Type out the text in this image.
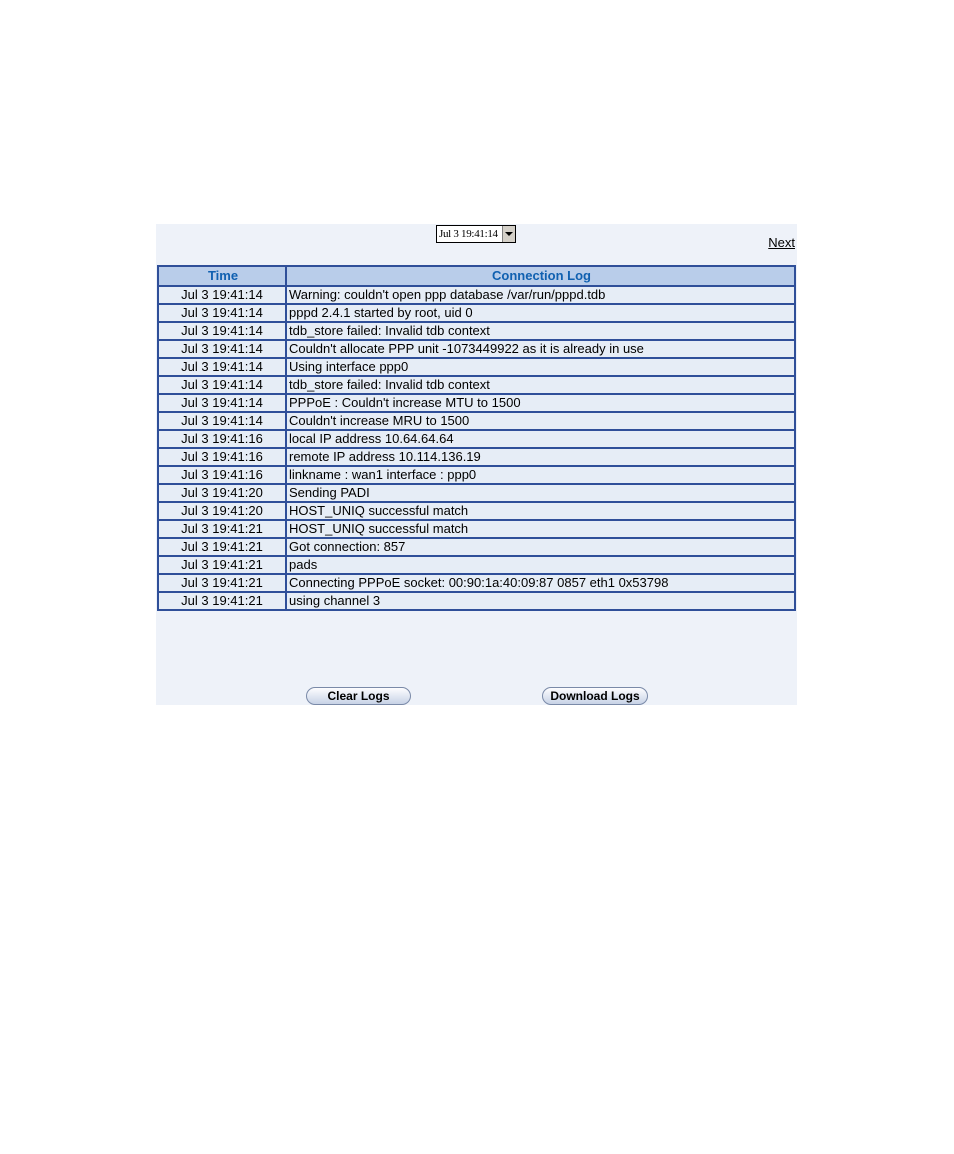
Jul 3 19:41:14
Next
Time	Connection Log
Jul 3 19:41:14	Warning: couldn't open ppp database /var/run/pppd.tdb
Jul 3 19:41:14	pppd 2.4.1 started by root, uid 0
Jul 3 19:41:14	tdb_store failed: Invalid tdb context
Jul 3 19:41:14	Couldn't allocate PPP unit -1073449922 as it is already in use
Jul 3 19:41:14	Using interface ppp0
Jul 3 19:41:14	tdb_store failed: Invalid tdb context
Jul 3 19:41:14	PPPoE : Couldn't increase MTU to 1500
Jul 3 19:41:14	Couldn't increase MRU to 1500
Jul 3 19:41:16	local IP address 10.64.64.64
Jul 3 19:41:16	remote IP address 10.114.136.19
Jul 3 19:41:16	linkname : wan1 interface : ppp0
Jul 3 19:41:20	Sending PADI
Jul 3 19:41:20	HOST_UNIQ successful match
Jul 3 19:41:21	HOST_UNIQ successful match
Jul 3 19:41:21	Got connection: 857
Jul 3 19:41:21	pads
Jul 3 19:41:21	Connecting PPPoE socket: 00:90:1a:40:09:87 0857 eth1 0x53798
Jul 3 19:41:21	using channel 3
Clear Logs	Download Logs
